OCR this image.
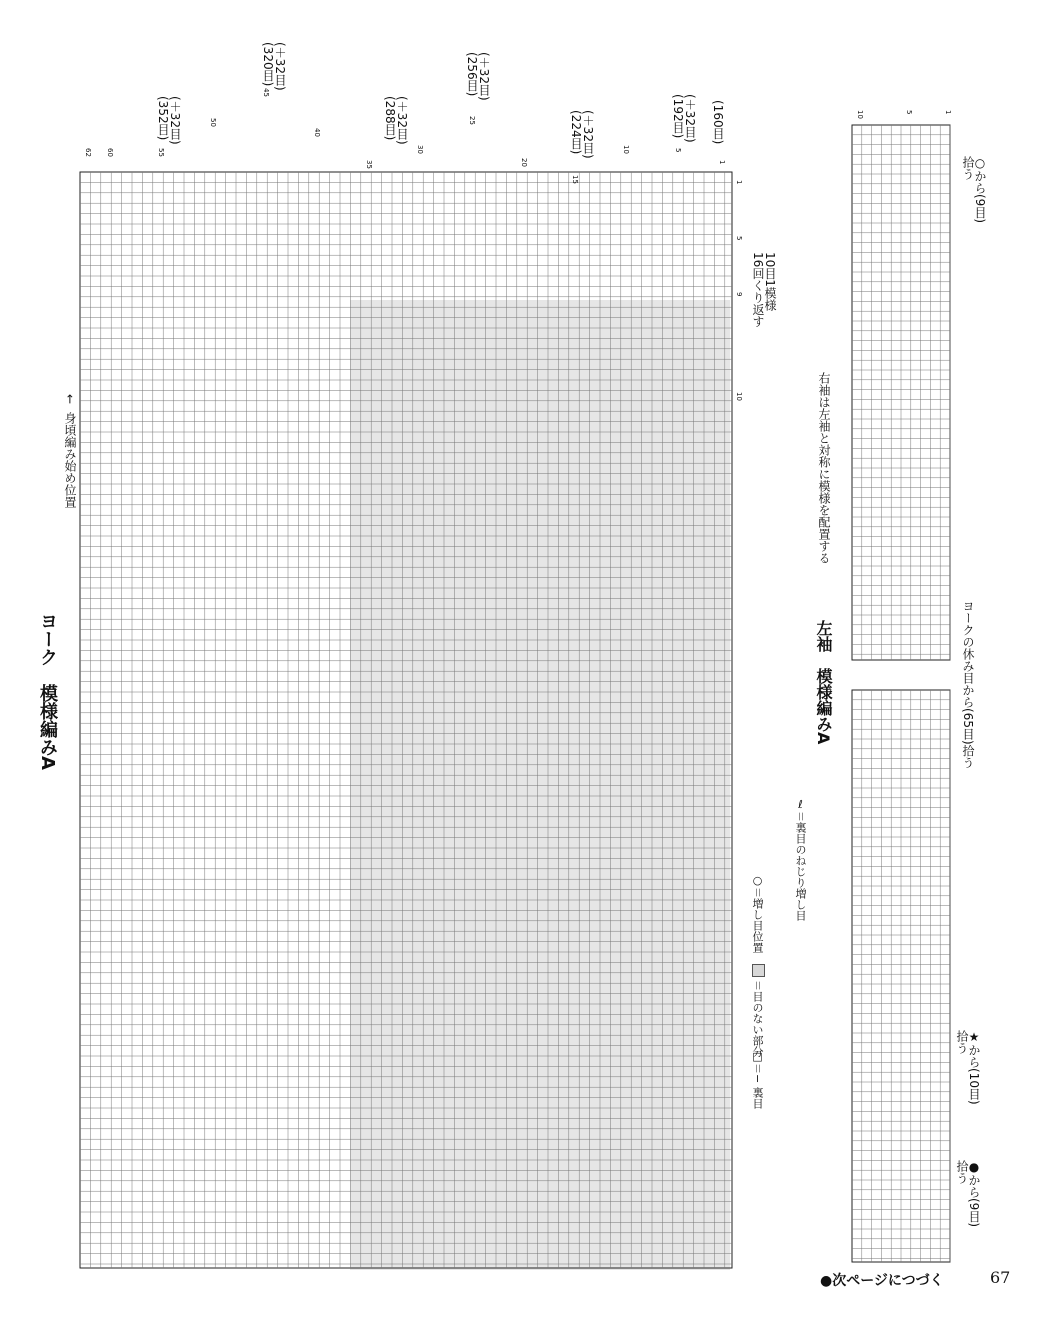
ヨーク　模様編みA
身頃編み始め位置
←
(＋32目)
(352目)
(＋32目)
(320目)
(＋32目)
(288目)
(＋32目)
(256目)
(＋32目)
(224目)	(＋32目)
(192目)	(160目)
62 60	55
50
45
40
35
30
25
20
15
10	5
1
1
5
9
10
10目1模様
16回くり返す
□＝− 裏目
＝目のない部分
○＝増し目位置
ℓ＝裏目のねじり増し目
左袖　模様編みA
右袖は左袖と対称に模様を配置する
10	5	1
○から(9目)
拾う
ヨークの休み目から(65目)拾う
★から(10目)
拾う
●から(9目)
拾う
●次ページにつづく	67
